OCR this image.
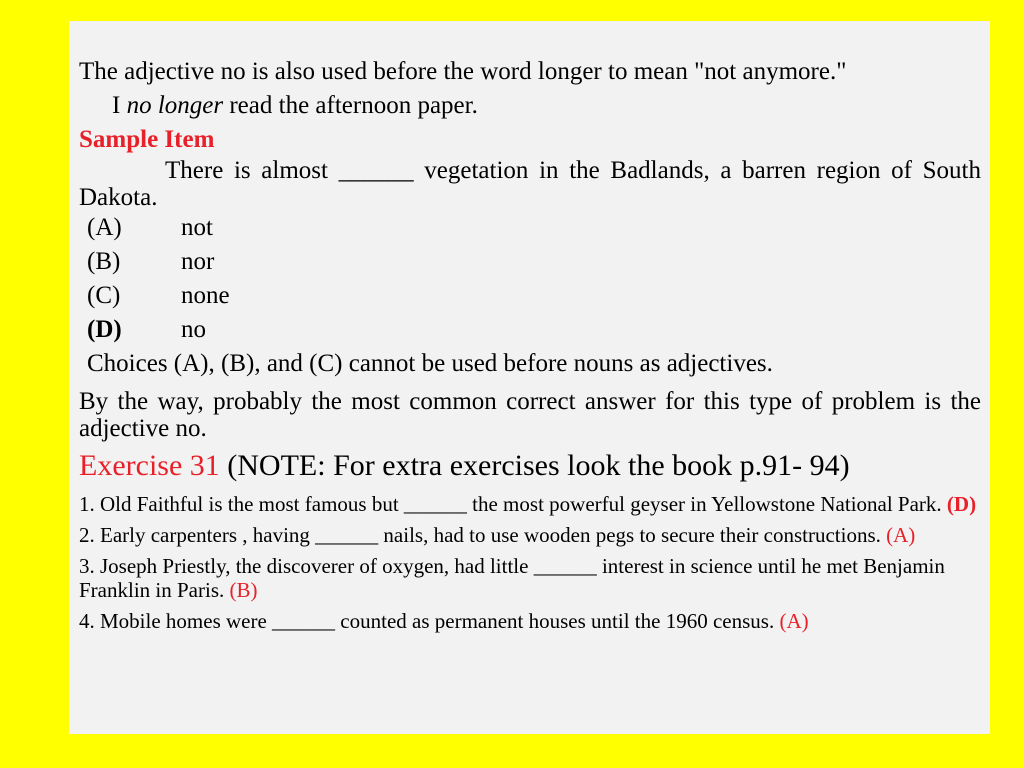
The adjective no is also used before the word longer to mean "not anymore."
I no longer read the afternoon paper.
Sample Item
There is almost ______ vegetation in the Badlands, a barren region of South Dakota.
(A)	not
(B)	nor
(C)	none
(D)	no
Choices (A), (B), and (C) cannot be used before nouns as adjectives.
By the way, probably the most common correct answer for this type of problem is the adjective no.
Exercise 31 (NOTE: For extra exercises look the book p.91- 94)
1. Old Faithful is the most famous but ______ the most powerful geyser in Yellowstone National Park. (D)
2. Early carpenters , having ______ nails, had to use wooden pegs to secure their constructions. (A)
3. Joseph Priestly, the discoverer of oxygen, had little ______ interest in science until he met Benjamin Franklin in Paris. (B)
4. Mobile homes were ______ counted as permanent houses until the 1960 census. (A)
